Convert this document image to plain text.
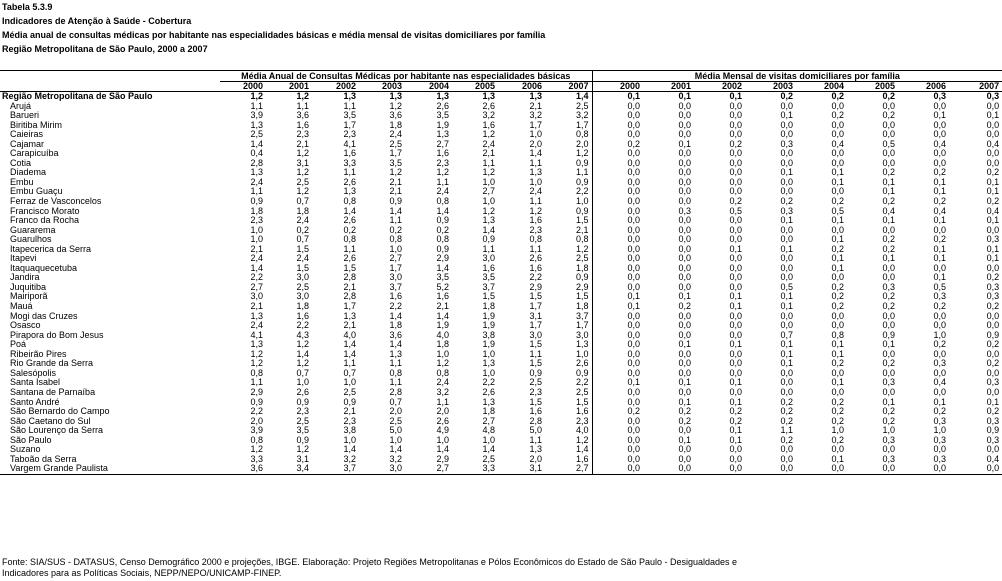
Tabela 5.3.9
Indicadores de Atenção à Saúde - Cobertura
Média anual de consultas médicas por habitante nas especialidades básicas e média mensal de visitas domiciliares por família
Região Metropolitana de São Paulo, 2000 a 2007
	Média Anual de Consultas Médicas por habitante nas especialidades básicas								Média Mensal de visitas domiciliares por família							
	2000	2001	2002	2003	2004	2005	2006	2007	2000	2001	2002	2003	2004	2005	2006	2007
Região Metropolitana de São Paulo	1,2	1,2	1,3	1,3	1,3	1,3	1,3	1,4	0,1	0,1	0,1	0,2	0,2	0,2	0,3	0,3
Arujá	1,1	1,1	1,1	1,2	2,6	2,6	2,1	2,5	0,0	0,0	0,0	0,0	0,0	0,0	0,0	0,0
Barueri	3,9	3,6	3,5	3,6	3,5	3,2	3,2	3,2	0,0	0,0	0,0	0,1	0,2	0,2	0,1	0,1
Biritiba Mirim	1,3	1,6	1,7	1,8	1,9	1,6	1,7	1,7	0,0	0,0	0,0	0,0	0,0	0,0	0,0	0,0
Caieiras	2,5	2,3	2,3	2,4	1,3	1,2	1,0	0,8	0,0	0,0	0,0	0,0	0,0	0,0	0,0	0,0
Cajamar	1,4	2,1	4,1	2,5	2,7	2,4	2,0	2,0	0,2	0,1	0,2	0,3	0,4	0,5	0,4	0,4
Carapicuíba	0,4	1,2	1,6	1,7	1,6	2,1	1,4	1,2	0,0	0,0	0,0	0,0	0,0	0,0	0,0	0,0
Cotia	2,8	3,1	3,3	3,5	2,3	1,1	1,1	0,9	0,0	0,0	0,0	0,0	0,0	0,0	0,0	0,0
Diadema	1,3	1,2	1,1	1,2	1,2	1,2	1,3	1,1	0,0	0,0	0,0	0,1	0,1	0,2	0,2	0,2
Embu	2,4	2,5	2,6	2,1	1,1	1,0	1,0	0,9	0,0	0,0	0,0	0,0	0,1	0,1	0,1	0,1
Embu Guaçu	1,1	1,2	1,3	2,1	2,4	2,7	2,4	2,2	0,0	0,0	0,0	0,0	0,0	0,1	0,1	0,1
Ferraz de Vasconcelos	0,9	0,7	0,8	0,9	0,8	1,0	1,1	1,0	0,0	0,0	0,2	0,2	0,2	0,2	0,2	0,2
Francisco Morato	1,8	1,8	1,4	1,4	1,4	1,2	1,2	0,9	0,0	0,3	0,5	0,3	0,5	0,4	0,4	0,4
Franco da Rocha	2,3	2,4	2,6	1,1	0,9	1,3	1,6	1,5	0,0	0,0	0,0	0,1	0,1	0,1	0,1	0,1
Guararema	1,0	0,2	0,2	0,2	0,2	1,4	2,3	2,1	0,0	0,0	0,0	0,0	0,0	0,0	0,0	0,0
Guarulhos	1,0	0,7	0,8	0,8	0,8	0,9	0,8	0,8	0,0	0,0	0,0	0,0	0,1	0,2	0,2	0,3
Itapecerica da Serra	2,1	1,5	1,1	1,0	0,9	1,1	1,1	1,2	0,0	0,0	0,1	0,1	0,2	0,2	0,1	0,1
Itapevi	2,4	2,4	2,6	2,7	2,9	3,0	2,6	2,5	0,0	0,0	0,0	0,0	0,1	0,1	0,1	0,1
Itaquaquecetuba	1,4	1,5	1,5	1,7	1,4	1,6	1,6	1,8	0,0	0,0	0,0	0,0	0,1	0,0	0,0	0,0
Jandira	2,2	3,0	2,8	3,0	3,5	3,5	2,2	0,9	0,0	0,0	0,0	0,0	0,0	0,0	0,1	0,2
Juquitiba	2,7	2,5	2,1	3,7	5,2	3,7	2,9	2,9	0,0	0,0	0,0	0,5	0,2	0,3	0,5	0,3
Mairiporã	3,0	3,0	2,8	1,6	1,6	1,5	1,5	1,5	0,1	0,1	0,1	0,1	0,2	0,2	0,3	0,3
Mauá	2,1	1,8	1,7	2,2	2,1	1,8	1,7	1,8	0,1	0,2	0,1	0,1	0,2	0,2	0,2	0,2
Mogi das Cruzes	1,3	1,6	1,3	1,4	1,4	1,9	3,1	3,7	0,0	0,0	0,0	0,0	0,0	0,0	0,0	0,0
Osasco	2,4	2,2	2,1	1,8	1,9	1,9	1,7	1,7	0,0	0,0	0,0	0,0	0,0	0,0	0,0	0,0
Pirapora do Bom Jesus	4,1	4,3	4,0	3,6	4,0	3,8	3,0	3,0	0,0	0,0	0,0	0,7	0,8	0,9	1,0	0,9
Poá	1,3	1,2	1,4	1,4	1,8	1,9	1,5	1,3	0,0	0,1	0,1	0,1	0,1	0,1	0,2	0,2
Ribeirão Pires	1,2	1,4	1,4	1,3	1,0	1,0	1,1	1,0	0,0	0,0	0,0	0,1	0,1	0,0	0,0	0,0
Rio Grande da Serra	1,2	1,2	1,1	1,1	1,2	1,3	1,5	2,6	0,0	0,0	0,0	0,1	0,2	0,2	0,3	0,2
Salesópolis	0,8	0,7	0,7	0,8	0,8	1,0	0,9	0,9	0,0	0,0	0,0	0,0	0,0	0,0	0,0	0,0
Santa Isabel	1,1	1,0	1,0	1,1	2,4	2,2	2,5	2,2	0,1	0,1	0,1	0,0	0,1	0,3	0,4	0,3
Santana de Parnaíba	2,9	2,6	2,5	2,8	3,2	2,6	2,3	2,5	0,0	0,0	0,0	0,0	0,0	0,0	0,0	0,0
Santo André	0,9	0,9	0,9	0,7	1,1	1,3	1,5	1,5	0,0	0,1	0,1	0,2	0,2	0,1	0,1	0,1
São Bernardo do Campo	2,2	2,3	2,1	2,0	2,0	1,8	1,6	1,6	0,2	0,2	0,2	0,2	0,2	0,2	0,2	0,2
São Caetano do Sul	2,0	2,5	2,3	2,5	2,6	2,7	2,8	2,3	0,0	0,2	0,2	0,2	0,2	0,2	0,3	0,3
São Lourenço da Serra	3,9	3,5	3,8	5,0	4,9	4,8	5,0	4,0	0,0	0,0	0,1	1,1	1,0	1,0	1,0	0,9
São Paulo	0,8	0,9	1,0	1,0	1,0	1,0	1,1	1,2	0,0	0,1	0,1	0,2	0,2	0,3	0,3	0,3
Suzano	1,2	1,2	1,4	1,4	1,4	1,4	1,3	1,4	0,0	0,0	0,0	0,0	0,0	0,0	0,0	0,0
Taboão da Serra	3,3	3,1	3,2	3,2	2,9	2,5	2,0	1,6	0,0	0,0	0,0	0,0	0,1	0,3	0,3	0,4
Vargem Grande Paulista	3,6	3,4	3,7	3,0	2,7	3,3	3,1	2,7	0,0	0,0	0,0	0,0	0,0	0,0	0,0	0,0
Fonte: SIA/SUS - DATASUS, Censo Demográfico 2000 e projeções, IBGE. Elaboração: Projeto Regiões Metropolitanas e Pólos Econômicos do Estado de São Paulo - Desigualdades e
Indicadores para as Políticas Sociais, NEPP/NEPO/UNICAMP-FINEP.
